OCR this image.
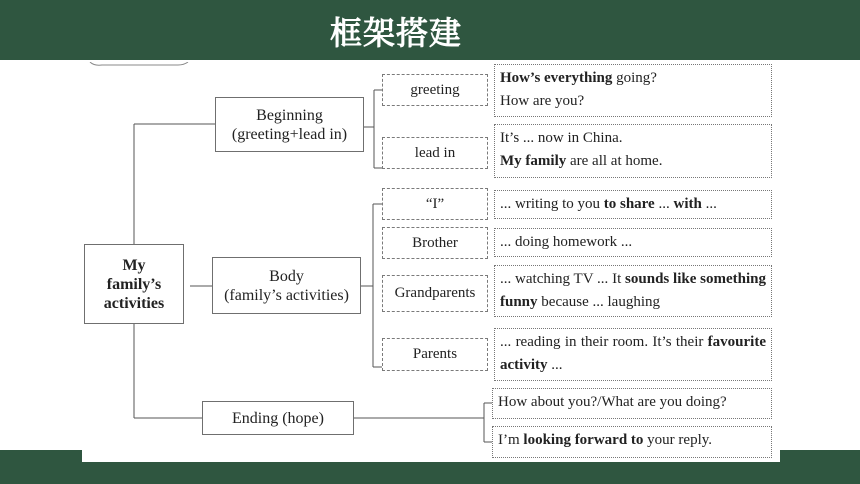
框架搭建
My
family’s
activities
Beginning
(greeting+lead in)
Body
(family’s activities)
Ending (hope)
greeting
lead in
“I”
Brother
Grandparents
Parents
How’s everything going?
How are you?
It’s ... now in China.
My family are all at home.
... writing to you to share ... with ...
... doing homework ...
... watching TV ... It sounds like something funny because ... laughing
... reading in their room. It’s their favourite activity ...
How about you?/What are you doing?
I’m looking forward to your reply.
